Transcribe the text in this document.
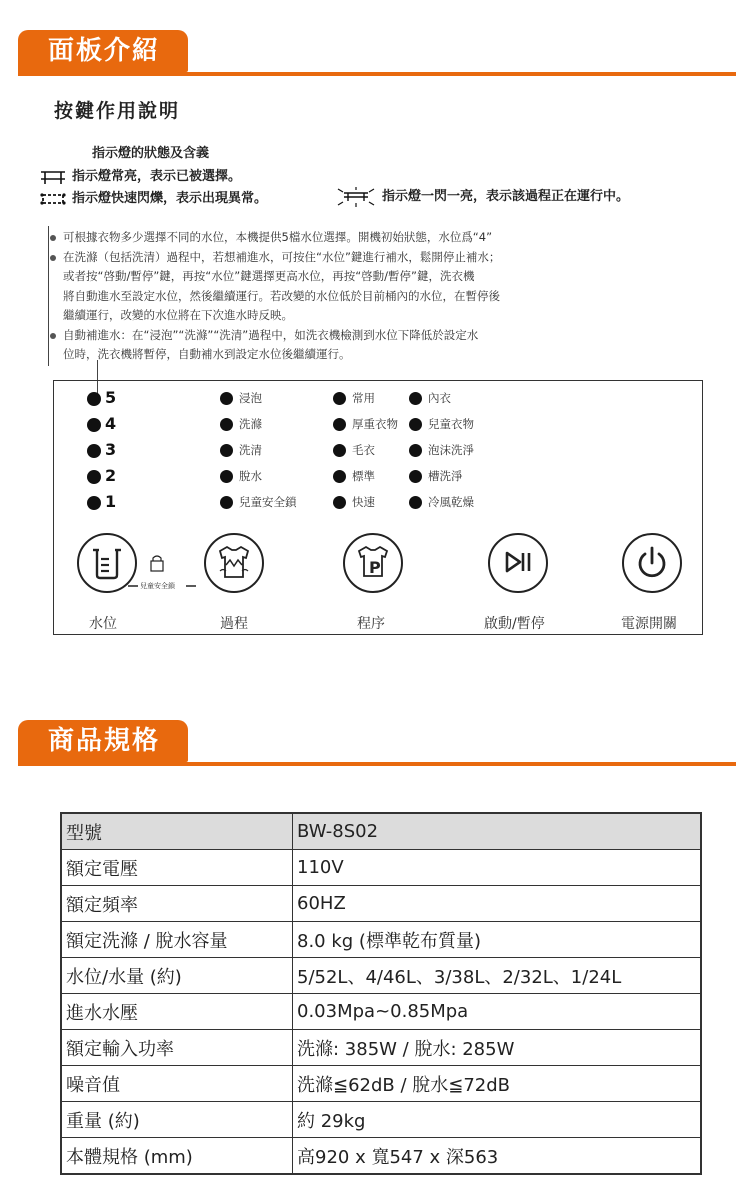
面板介紹
按鍵作用說明
指示燈的狀態及含義
指示燈常亮，表示已被選擇。
指示燈快速閃爍，表示出現異常。	指示燈一閃一亮，表示該過程正在運行中。
可根據衣物多少選擇不同的水位，本機提供5檔水位選擇。開機初始狀態，水位爲“4”
在洗滌（包括洗清）過程中，若想補進水，可按住“水位”鍵進行補水，鬆開停止補水；
或者按“啓動/暫停”鍵，再按“水位”鍵選擇更高水位，再按“啓動/暫停”鍵，洗衣機
將自動進水至設定水位，然後繼續運行。若改變的水位低於目前桶內的水位，在暫停後
繼續運行，改變的水位將在下次進水時反映。
自動補進水：在“浸泡”“洗滌”“洗清”過程中，如洗衣機檢測到水位下降低於設定水
位時，洗衣機將暫停，自動補水到設定水位後繼續運行。
5
4
3
2
1
浸泡
洗滌
洗清
脫水
兒童安全鎖
常用
厚重衣物
毛衣
標準
快速
內衣
兒童衣物
泡沫洗淨
槽洗淨
冷風乾燥
兒童安全鎖
P
水位	過程	程序	啟動/暫停	電源開關
商品規格
型號	BW-8S02
額定電壓	110V
額定頻率	60HZ
額定洗滌 / 脫水容量	8.0 kg (標準乾布質量)
水位/水量 (約)	5/52L、4/46L、3/38L、2/32L、1/24L
進水水壓	0.03Mpa~0.85Mpa
額定輸入功率	洗滌: 385W / 脫水: 285W
噪音值	洗滌≦62dB / 脫水≦72dB
重量 (約)	約 29kg
本體規格 (mm)	高920 x 寬547 x 深563
